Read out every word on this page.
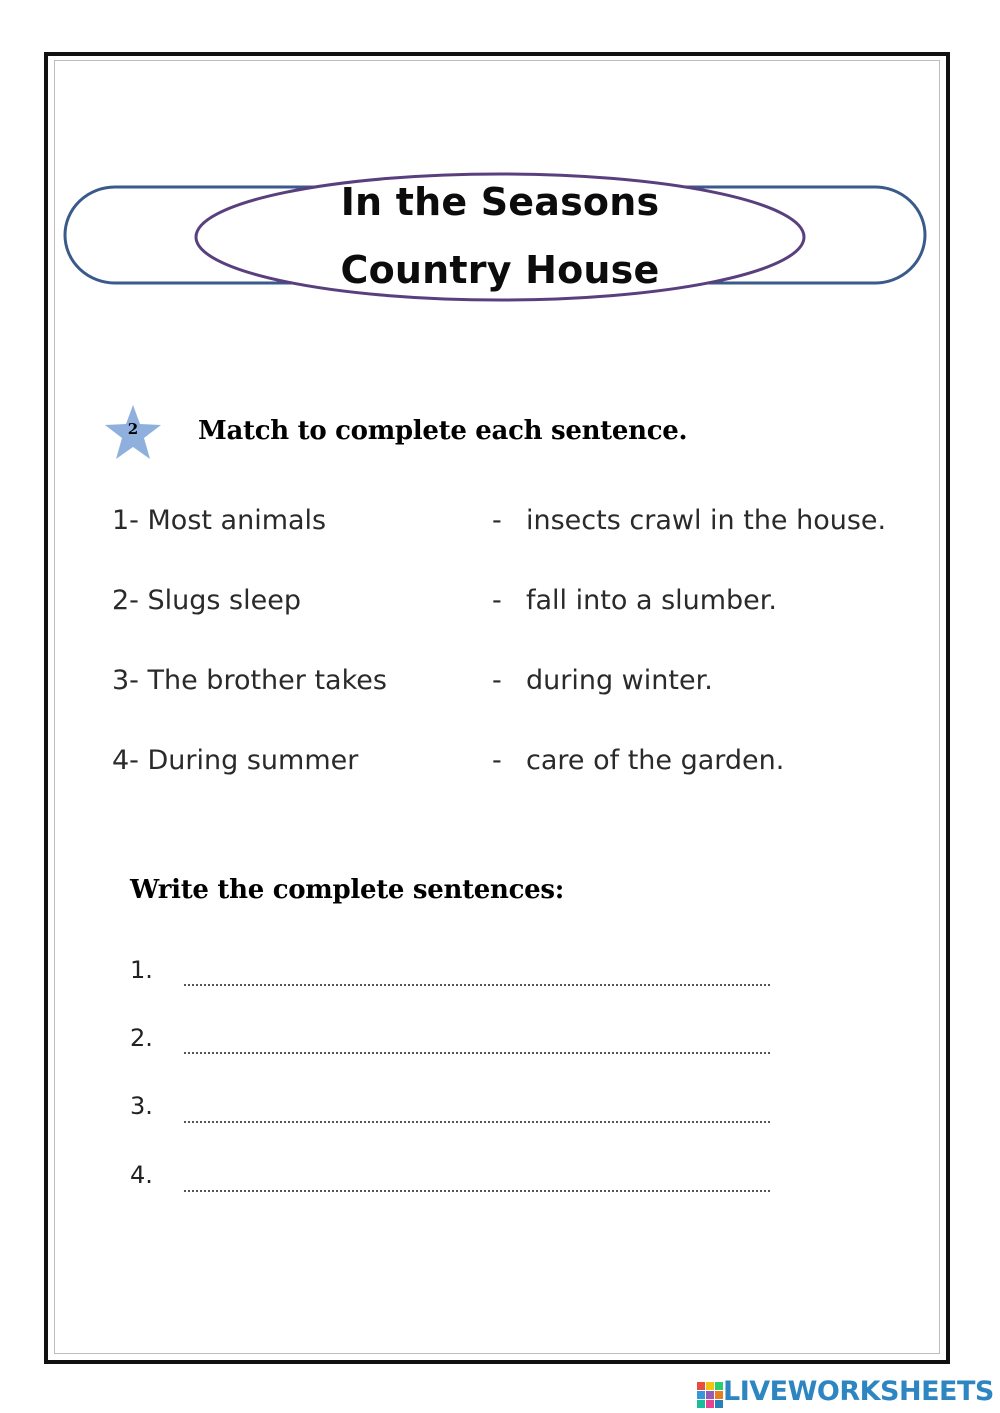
In the Seasons
Country House
2	Match to complete each sentence.
1- Most animals	- insects crawl in the house.
2- Slugs sleep	- fall into a slumber.
3- The brother takes	- during winter.
4- During summer	- care of the garden.
Write the complete sentences:
1.
2.
3.
4.
LIVEWORKSHEETS
